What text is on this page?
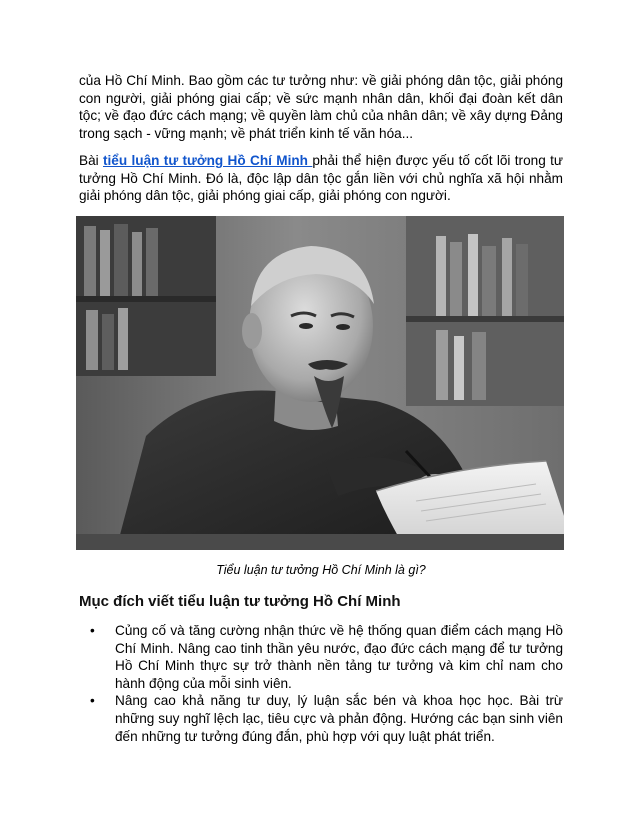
của Hồ Chí Minh. Bao gồm các tư tưởng như: về giải phóng dân tộc, giải phóng con người, giải phóng giai cấp; về sức mạnh nhân dân, khối đại đoàn kết dân tộc; về đạo đức cách mạng; về quyền làm chủ của nhân dân; về xây dựng Đảng trong sạch - vững mạnh; về phát triển kinh tế văn hóa...

Bài tiểu luận tư tưởng Hồ Chí Minh phải thể hiện được yếu tố cốt lõi trong tư tưởng Hồ Chí Minh. Đó là, độc lập dân tộc gắn liền với chủ nghĩa xã hội nhằm giải phóng dân tộc, giải phóng giai cấp, giải phóng con người.

Tiểu luận tư tưởng Hồ Chí Minh là gì?

Mục đích viết tiểu luận tư tưởng Hồ Chí Minh
• Củng cố và tăng cường nhận thức về hệ thống quan điểm cách mạng Hồ Chí Minh. Nâng cao tinh thần yêu nước, đạo đức cách mạng để tư tưởng Hồ Chí Minh thực sự trở thành nền tảng tư tưởng và kim chỉ nam cho hành động của mỗi sinh viên.
• Nâng cao khả năng tư duy, lý luận sắc bén và khoa học học. Bài trừ những suy nghĩ lệch lạc, tiêu cực và phản động. Hướng các bạn sinh viên đến những tư tưởng đúng đắn, phù hợp với quy luật phát triển.
